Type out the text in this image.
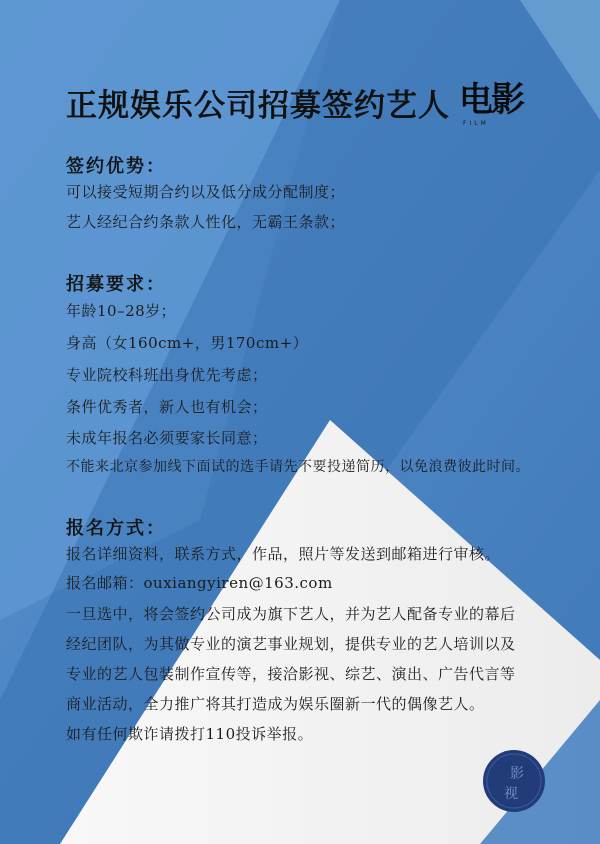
正规娱乐公司招募签约艺人 电影
FILM
签约优势：
可以接受短期合约以及低分成分配制度；
艺人经纪合约条款人性化，无霸王条款；
招募要求：
年龄10–28岁；
身高（女160cm+，男170cm+）
专业院校科班出身优先考虑；
条件优秀者，新人也有机会；
未成年报名必须要家长同意；
不能来北京参加线下面试的选手请先不要投递简历，以免浪费彼此时间。
报名方式：
报名详细资料，联系方式，作品，照片等发送到邮箱进行审核。
报名邮箱：ouxiangyiren@163.com
一旦选中，将会签约公司成为旗下艺人，并为艺人配备专业的幕后
经纪团队，为其做专业的演艺事业规划，提供专业的艺人培训以及
专业的艺人包装制作宣传等，接洽影视、综艺、演出、广告代言等
商业活动，全力推广将其打造成为娱乐圈新一代的偶像艺人。
如有任何欺诈请拨打110投诉举报。
影
视
